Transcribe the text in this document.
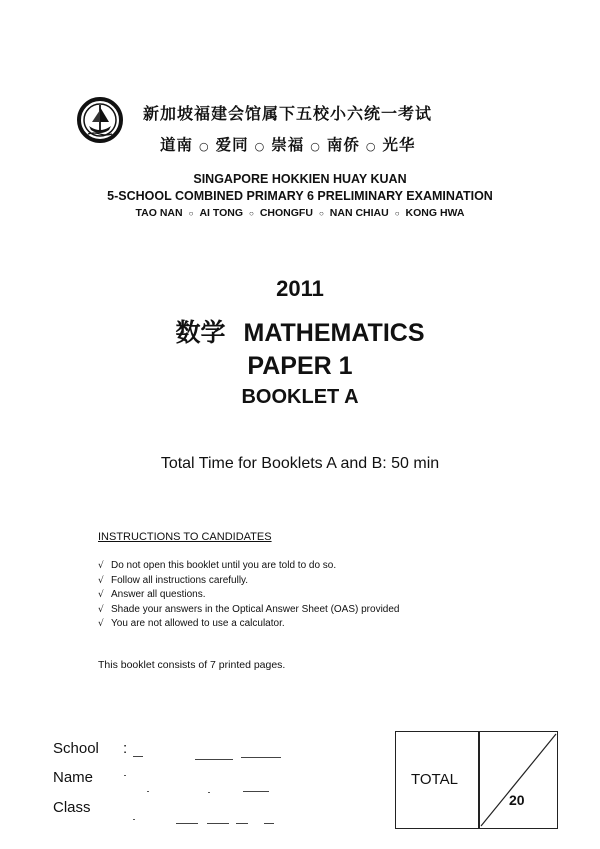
新加坡福建会馆属下五校小六统一考试
道南 ○ 爱同 ○ 崇福 ○ 南侨 ○ 光华
SINGAPORE HOKKIEN HUAY KUAN
5-SCHOOL COMBINED PRIMARY 6 PRELIMINARY EXAMINATION
TAO NAN ○ AI TONG ○ CHONGFU ○ NAN CHIAU ○ KONG HWA
2011
数学 MATHEMATICS
PAPER 1
BOOKLET A
Total Time for Booklets A and B: 50 min
INSTRUCTIONS TO CANDIDATES
√ Do not open this booklet until you are told to do so.
√ Follow all instructions carefully.
√ Answer all questions.
√ Shade your answers in the Optical Answer Sheet (OAS) provided
√ You are not allowed to use a calculator.
This booklet consists of 7 printed pages.
School :
Name
Class
TOTAL
20
